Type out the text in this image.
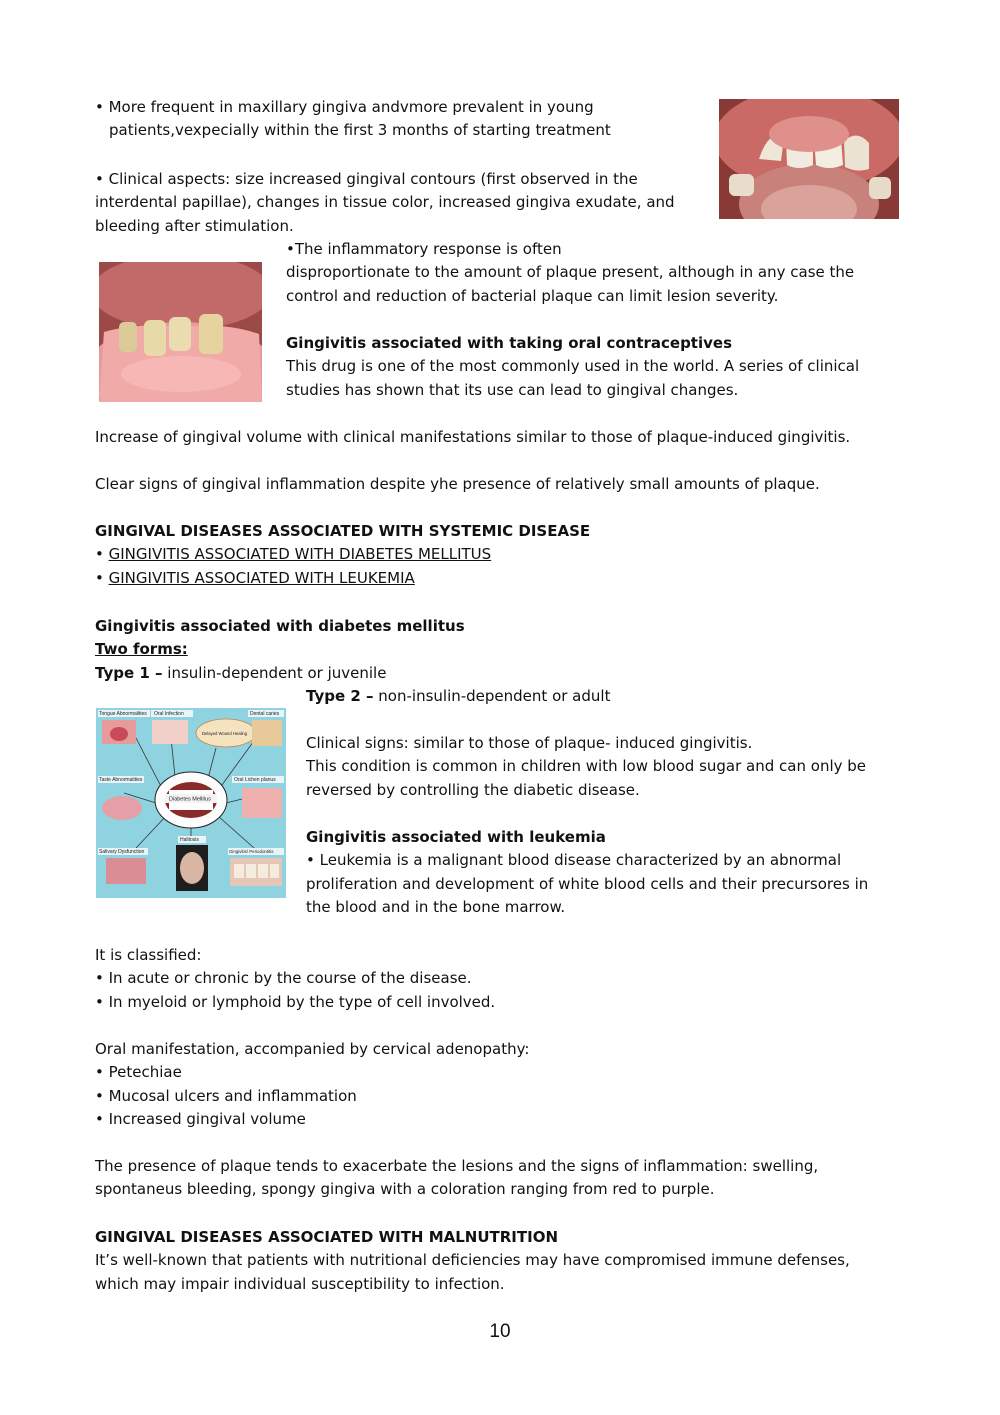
• More frequent in maxillary gingiva andvmore prevalent in young
patients,vexpecially within the first 3 months of starting treatment
• Clinical aspects: size increased gingival contours (first observed in the
interdental papillae), changes in tissue color, increased gingiva exudate, and
bleeding after stimulation.
•The inflammatory response is often
disproportionate to the amount of plaque present, although in any case the
control and reduction of bacterial plaque can limit lesion severity.
Gingivitis associated with taking oral contraceptives
This drug is one of the most commonly used in the world. A series of clinical
studies has shown that its use can lead to gingival changes.
Increase of gingival volume with clinical manifestations similar to those of plaque-induced gingivitis.
Clear signs of gingival inflammation despite yhe presence of relatively small amounts of plaque.
GINGIVAL DISEASES ASSOCIATED WITH SYSTEMIC DISEASE
• GINGIVITIS ASSOCIATED WITH DIABETES MELLITUS
• GINGIVITIS ASSOCIATED WITH LEUKEMIA
Gingivitis associated with diabetes mellitus
Two forms:
Type 1 – insulin-dependent or juvenile
Type 2 – non-insulin-dependent or adult
Diabetes Mellitus
Tongue Abnormalities Oral Infection	Dental caries
Delayed Wound Healing
Taste Abnormalities	Oral Lichen planus
Halitosis
Salivary Dysfunction	Gingivitis/ Periodontitis
Clinical signs: similar to those of plaque- induced gingivitis.
This condition is common in children with low blood sugar and can only be
reversed by controlling the diabetic disease.
Gingivitis associated with leukemia
• Leukemia is a malignant blood disease characterized by an abnormal
proliferation and development of white blood cells and their precursores in
the blood and in the bone marrow.
It is classified:
• In acute or chronic by the course of the disease.
• In myeloid or lymphoid by the type of cell involved.
Oral manifestation, accompanied by cervical adenopathy:
• Petechiae
• Mucosal ulcers and inflammation
• Increased gingival volume
The presence of plaque tends to exacerbate the lesions and the signs of inflammation: swelling,
spontaneus bleeding, spongy gingiva with a coloration ranging from red to purple.
GINGIVAL DISEASES ASSOCIATED WITH MALNUTRITION
It’s well-known that patients with nutritional deficiencies may have compromised immune defenses,
which may impair individual susceptibility to infection.
10
